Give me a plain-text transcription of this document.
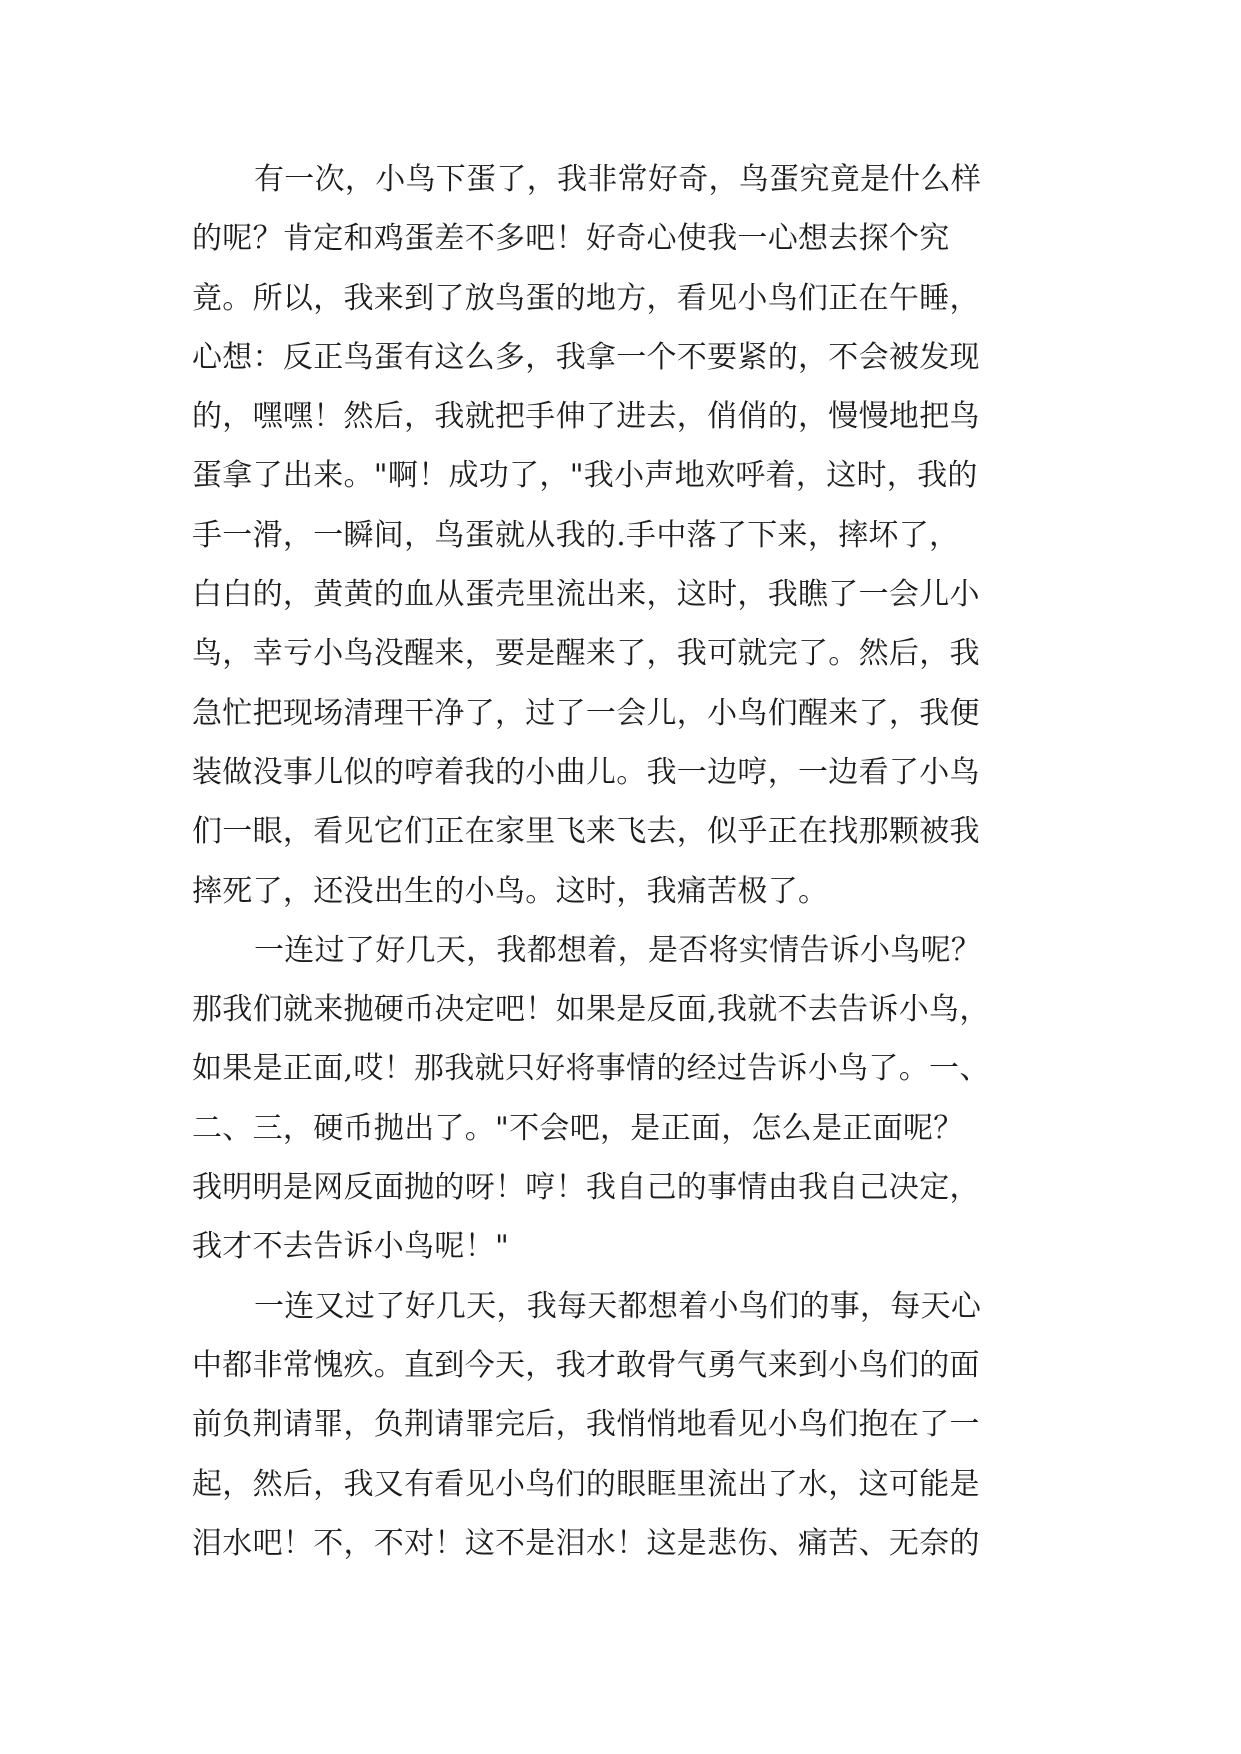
有一次，小鸟下蛋了，我非常好奇，鸟蛋究竟是什么样
的呢？肯定和鸡蛋差不多吧！好奇心使我一心想去探个究
竟。所以，我来到了放鸟蛋的地方，看见小鸟们正在午睡，
心想：反正鸟蛋有这么多，我拿一个不要紧的，不会被发现
的，嘿嘿！然后，我就把手伸了进去，俏俏的，慢慢地把鸟
蛋拿了出来。"啊！成功了，"我小声地欢呼着，这时，我的
手一滑，一瞬间，鸟蛋就从我的.手中落了下来，摔坏了，
白白的，黄黄的血从蛋壳里流出来，这时，我瞧了一会儿小
鸟，幸亏小鸟没醒来，要是醒来了，我可就完了。然后，我
急忙把现场清理干净了，过了一会儿，小鸟们醒来了，我便
装做没事儿似的哼着我的小曲儿。我一边哼，一边看了小鸟
们一眼，看见它们正在家里飞来飞去，似乎正在找那颗被我
摔死了，还没出生的小鸟。这时，我痛苦极了。
一连过了好几天，我都想着，是否将实情告诉小鸟呢？
那我们就来抛硬币决定吧！如果是反面,我就不去告诉小鸟，
如果是正面,哎！那我就只好将事情的经过告诉小鸟了。一、
二、三，硬币抛出了。"不会吧，是正面，怎么是正面呢？
我明明是网反面抛的呀！哼！我自己的事情由我自己决定，
我才不去告诉小鸟呢！"
一连又过了好几天，我每天都想着小鸟们的事，每天心
中都非常愧疚。直到今天，我才敢骨气勇气来到小鸟们的面
前负荆请罪，负荆请罪完后，我悄悄地看见小鸟们抱在了一
起，然后，我又有看见小鸟们的眼眶里流出了水，这可能是
泪水吧！不，不对！这不是泪水！这是悲伤、痛苦、无奈的
